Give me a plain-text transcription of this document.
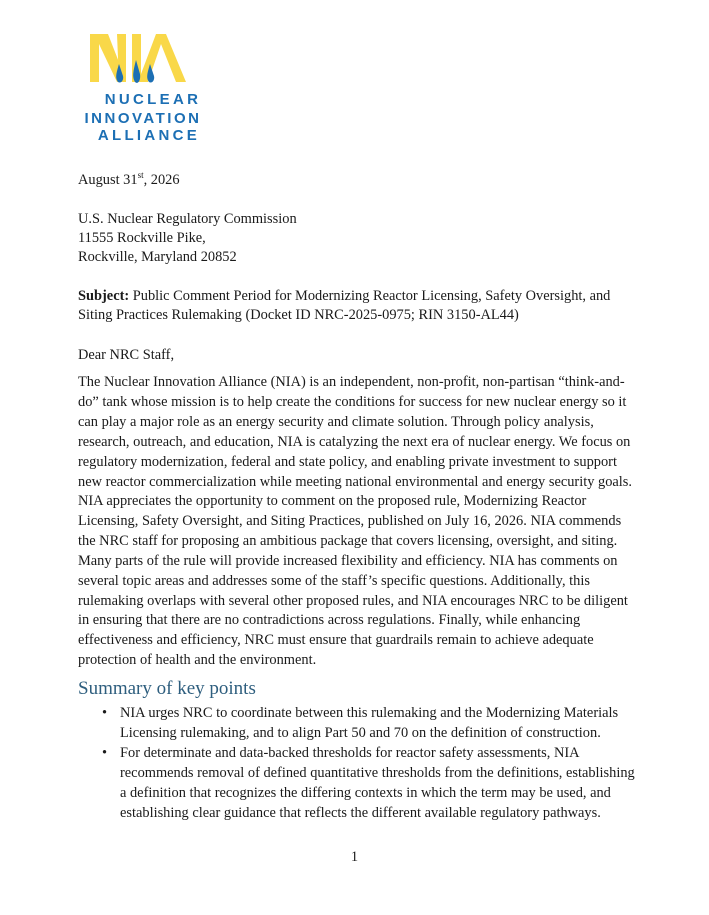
NUCLEAR
INNOVATION
ALLIANCE
August 31st, 2026
U.S. Nuclear Regulatory Commission
11555 Rockville Pike,
Rockville, Maryland 20852
Subject: Public Comment Period for Modernizing Reactor Licensing, Safety Oversight, and
Siting Practices Rulemaking (Docket ID NRC-2025-0975; RIN 3150-AL44)
Dear NRC Staff,
The Nuclear Innovation Alliance (NIA) is an independent, non-profit, non-partisan “think-and-
do” tank whose mission is to help create the conditions for success for new nuclear energy so it
can play a major role as an energy security and climate solution. Through policy analysis,
research, outreach, and education, NIA is catalyzing the next era of nuclear energy. We focus on
regulatory modernization, federal and state policy, and enabling private investment to support
new reactor commercialization while meeting national environmental and energy security goals.
NIA appreciates the opportunity to comment on the proposed rule, Modernizing Reactor
Licensing, Safety Oversight, and Siting Practices, published on July 16, 2026. NIA commends
the NRC staff for proposing an ambitious package that covers licensing, oversight, and siting.
Many parts of the rule will provide increased flexibility and efficiency. NIA has comments on
several topic areas and addresses some of the staff’s specific questions. Additionally, this
rulemaking overlaps with several other proposed rules, and NIA encourages NRC to be diligent
in ensuring that there are no contradictions across regulations. Finally, while enhancing
effectiveness and efficiency, NRC must ensure that guardrails remain to achieve adequate
protection of health and the environment.
Summary of key points
• NIA urges NRC to coordinate between this rulemaking and the Modernizing Materials
Licensing rulemaking, and to align Part 50 and 70 on the definition of construction.
• For determinate and data-backed thresholds for reactor safety assessments, NIA
recommends removal of defined quantitative thresholds from the definitions, establishing
a definition that recognizes the differing contexts in which the term may be used, and
establishing clear guidance that reflects the different available regulatory pathways.
1
